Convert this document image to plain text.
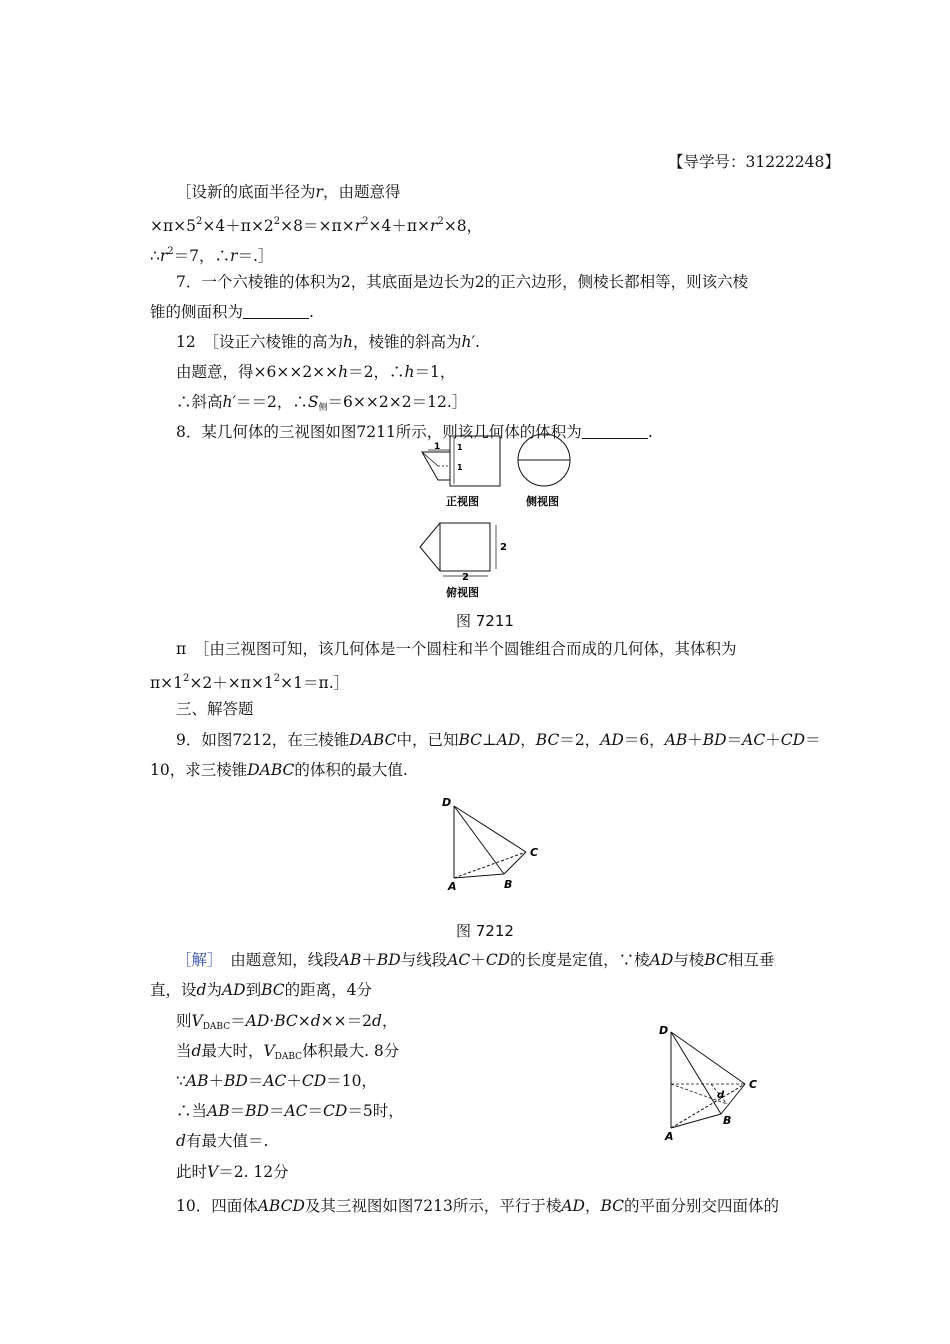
【导学号：31222248】
［设新的底面半径为r，由题意得
$\times\pi\times 5^2\times 4+\pi\times 2^2\times 8=\times\pi\times r^2\times 4+\pi\times r^2\times 8$，
$\therefore r^2=7$，∴r＝.］
7．一个六棱锥的体积为2，其底面是边长为2的正六边形，侧棱长都相等，则该六棱
锥的侧面积为	.
12　［设正六棱锥的高为h，棱锥的斜高为h′.
由题意，得×6××2××h＝2，∴h＝1，
∴斜高h′＝＝2，$\therefore S_侧=6\times\times 2\times 2=12.]$
8．某几何体的三视图如图7211所示，则该几何体的体积为	.
1 1
1
正视图	侧视图
2
2
俯视图
图 7211
π　［由三视图可知，该几何体是一个圆柱和半个圆锥组合而成的几何体，其体积为
$\pi\times 1^2\times 2+\times\pi\times 1^2\times 1=\pi.]$
三、解答题
9．如图7212，在三棱锥DABC中，已知BC⊥AD，BC＝2，AD＝6，AB＋BD＝AC＋CD＝
10，求三棱锥DABC的体积的最大值.
D
A	B
C
图 7212
［解］　由题意知，线段AB＋BD与线段AC＋CD的长度是定值，∵棱AD与棱BC相互垂
直，设d为AD到BC的距离，4分
则$V_{DABC}=AD\cdot BC\times d\times\times=2d$，
当d最大时，$V_{DABC}$体积最大. 8分
∵AB＋BD＝AC＋CD＝10，
∴当AB＝BD＝AC＝CD＝5时，
d有最大值＝.
此时V＝2. 12分
D
A
B
C
d
10．四面体ABCD及其三视图如图7213所示，平行于棱AD，BC的平面分别交四面体的
